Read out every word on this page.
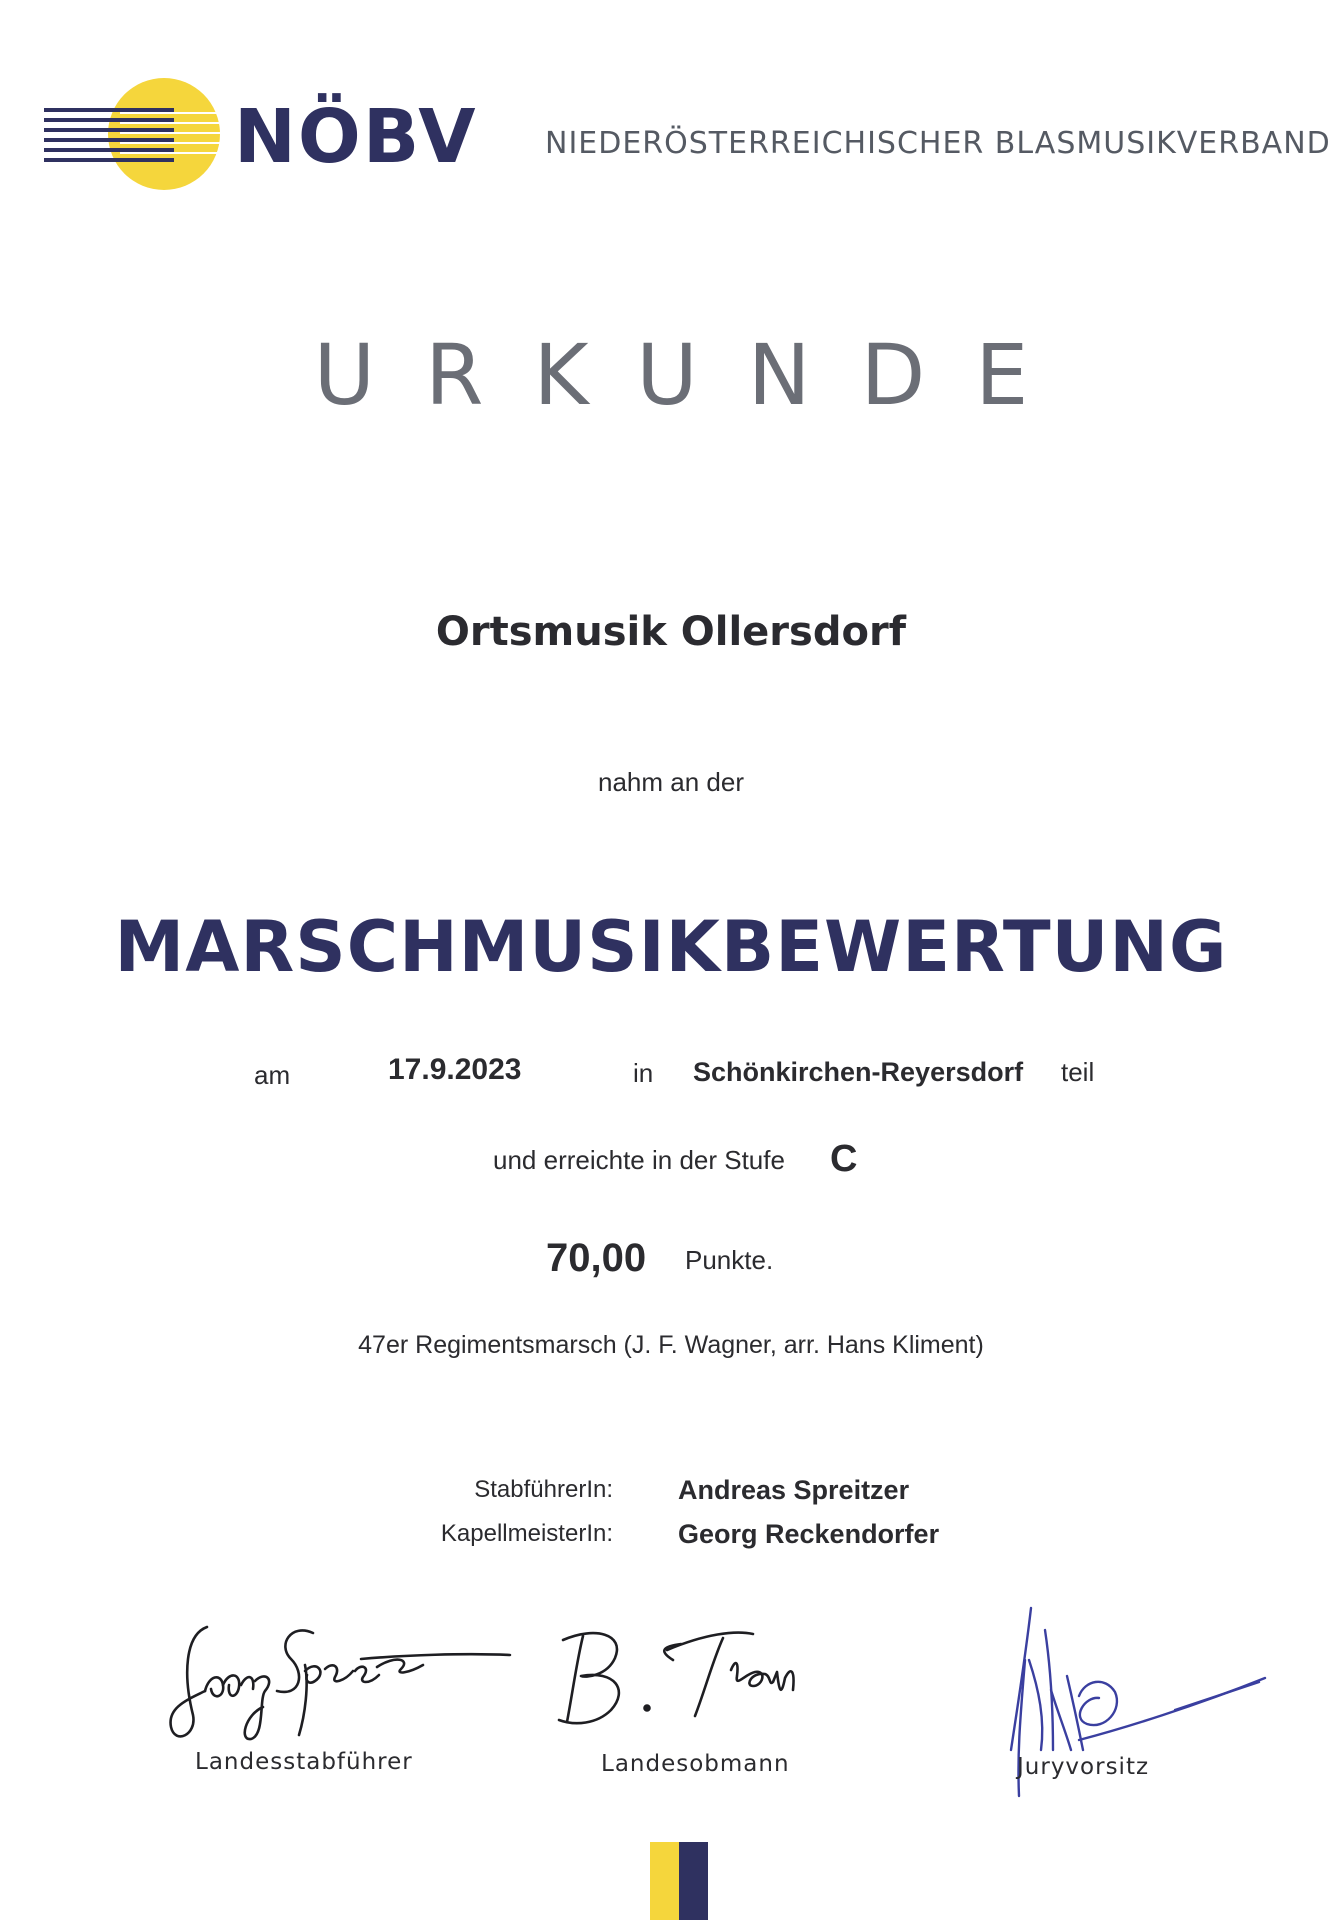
NÖBV NIEDERÖSTERREICHISCHER BLASMUSIKVERBAND
URKUNDE
Ortsmusik Ollersdorf
nahm an der
MARSCHMUSIKBEWERTUNG
am	17.9.2023	in Schönkirchen-Reyersdorf teil
und erreichte in der Stufe C
70,00 Punkte.
47er Regimentsmarsch (J. F. Wagner, arr. Hans Kliment)
StabführerIn: Andreas Spreitzer
KapellmeisterIn: Georg Reckendorfer
Landesstabführer	Landesobmann	Juryvorsitz
